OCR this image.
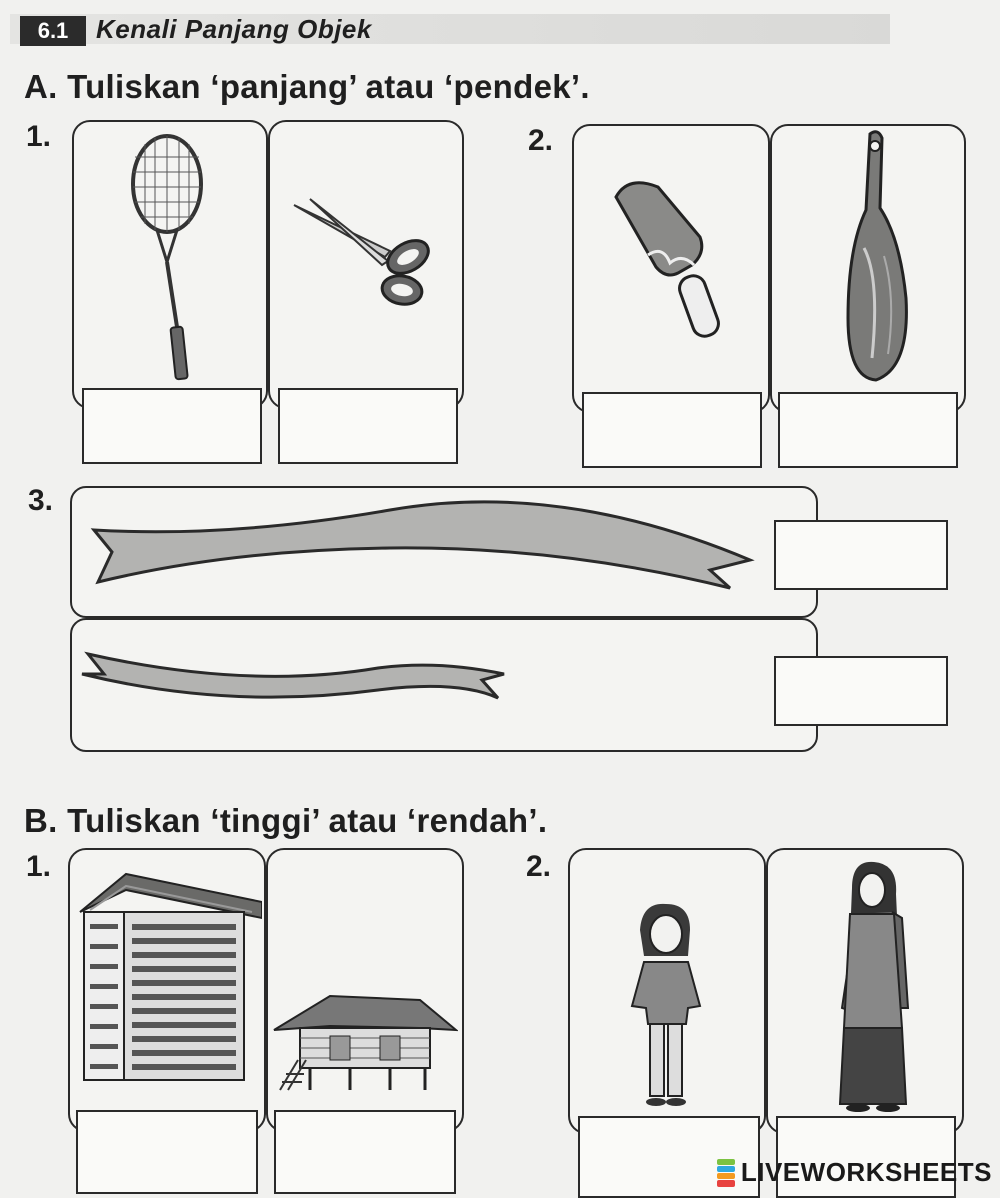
6.1	Kenali Panjang Objek
A. Tuliskan ‘panjang’ atau ‘pendek’.
1.	2.
3.
B. Tuliskan ‘tinggi’ atau ‘rendah’.
1.	2.
LIVEWORKSHEETS
